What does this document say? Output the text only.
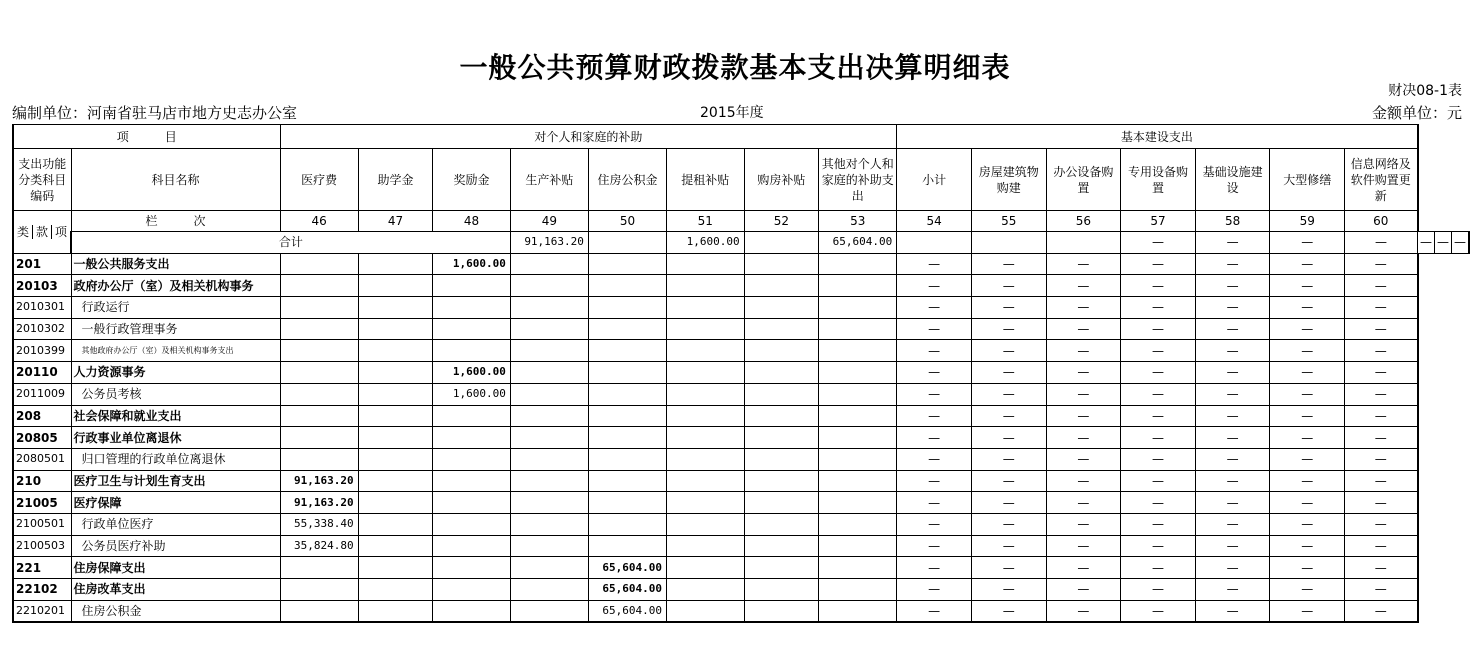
一般公共预算财政拨款基本支出决算明细表
财决08-1表
编制单位：河南省驻马店市地方史志办公室	2015年度	金额单位：元
项　　　目		对个人和家庭的补助								基本建设支出									
支出功能分类科目编码	科目名称	医疗费	助学金	奖励金	生产补贴	住房公积金	提租补贴	购房补贴	其他对个人和家庭的补助支出	小计	房屋建筑物购建	办公设备购置	专用设备购置	基础设施建设	大型修缮	信息网络及软件购置更新			
类 款 项	栏　　　次	46	47	48	49	50	51	52	53	54	55	56	57	58	59	60			
	合计				91,163.20		1,600.00		65,604.00				—	—	—	—	—	—	—
201	一般公共服务支出			1,600.00						—	—	—	—	—	—	—			
20103	政府办公厅（室）及相关机构事务									—	—	—	—	—	—	—			
2010301	行政运行									—	—	—	—	—	—	—			
2010302	一般行政管理事务									—	—	—	—	—	—	—			
2010399	其他政府办公厅（室）及相关机构事务支出									—	—	—	—	—	—	—			
20110	人力资源事务			1,600.00						—	—	—	—	—	—	—			
2011009	公务员考核			1,600.00						—	—	—	—	—	—	—			
208	社会保障和就业支出									—	—	—	—	—	—	—			
20805	行政事业单位离退休									—	—	—	—	—	—	—			
2080501	归口管理的行政单位离退休									—	—	—	—	—	—	—			
210	医疗卫生与计划生育支出	91,163.20								—	—	—	—	—	—	—			
21005	医疗保障	91,163.20								—	—	—	—	—	—	—			
2100501	行政单位医疗	55,338.40								—	—	—	—	—	—	—			
2100503	公务员医疗补助	35,824.80								—	—	—	—	—	—	—			
221	住房保障支出					65,604.00				—	—	—	—	—	—	—			
22102	住房改革支出					65,604.00				—	—	—	—	—	—	—			
2210201	住房公积金					65,604.00				—	—	—	—	—	—	—			
